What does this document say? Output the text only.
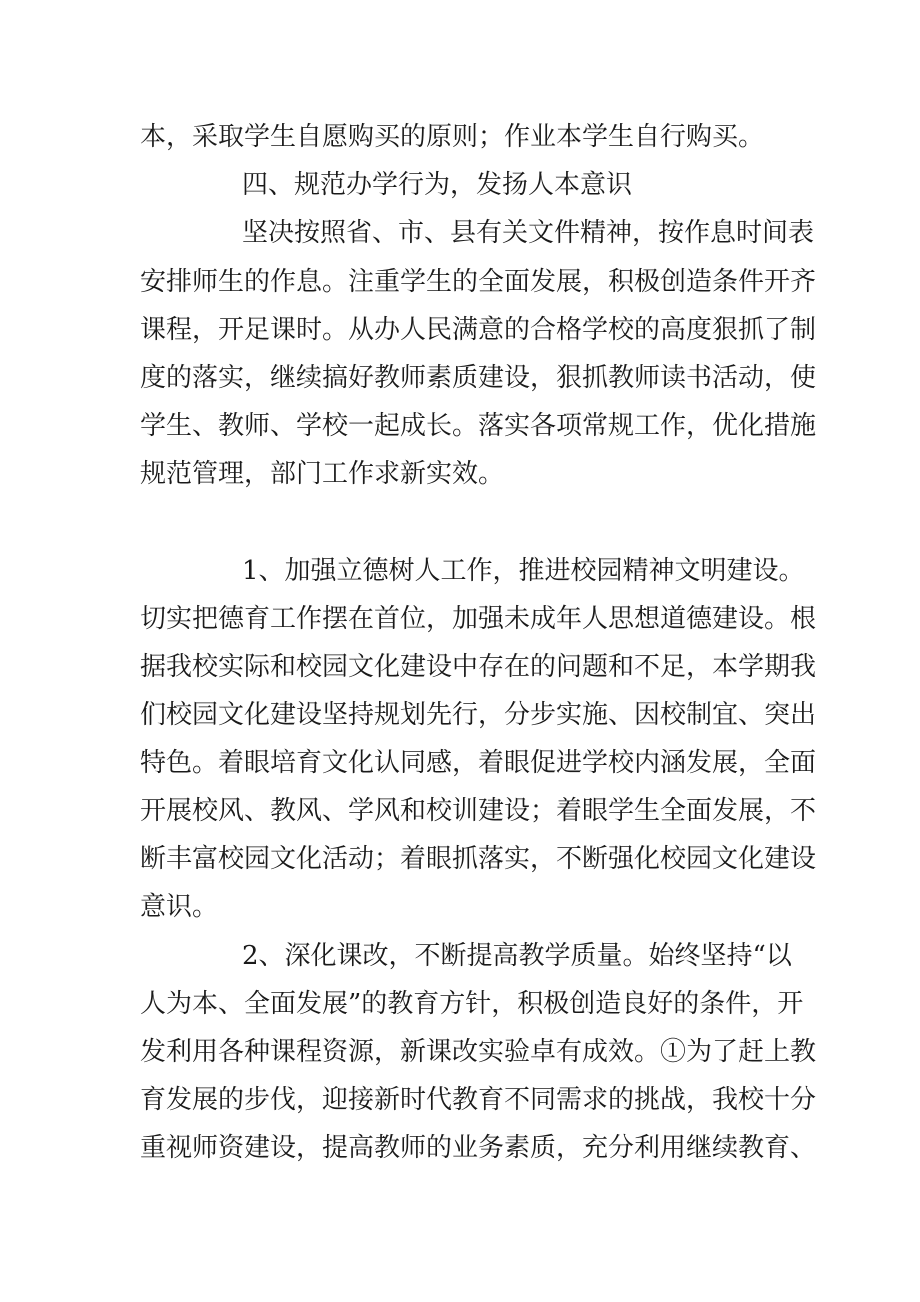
本，采取学生自愿购买的原则；作业本学生自行购买。
四、规范办学行为，发扬人本意识
坚决按照省、市、县有关文件精神，按作息时间表
安排师生的作息。注重学生的全面发展，积极创造条件开齐
课程，开足课时。从办人民满意的合格学校的高度狠抓了制
度的落实，继续搞好教师素质建设，狠抓教师读书活动，使
学生、教师、学校一起成长。落实各项常规工作，优化措施
规范管理，部门工作求新实效。
1、加强立德树人工作，推进校园精神文明建设。
切实把德育工作摆在首位，加强未成年人思想道德建设。根
据我校实际和校园文化建设中存在的问题和不足，本学期我
们校园文化建设坚持规划先行，分步实施、因校制宜、突出
特色。着眼培育文化认同感，着眼促进学校内涵发展，全面
开展校风、教风、学风和校训建设；着眼学生全面发展，不
断丰富校园文化活动；着眼抓落实，不断强化校园文化建设
意识。
2、深化课改，不断提高教学质量。始终坚持“以
人为本、全面发展”的教育方针，积极创造良好的条件，开
发利用各种课程资源，新课改实验卓有成效。①为了赶上教
育发展的步伐，迎接新时代教育不同需求的挑战，我校十分
重视师资建设，提高教师的业务素质，充分利用继续教育、
